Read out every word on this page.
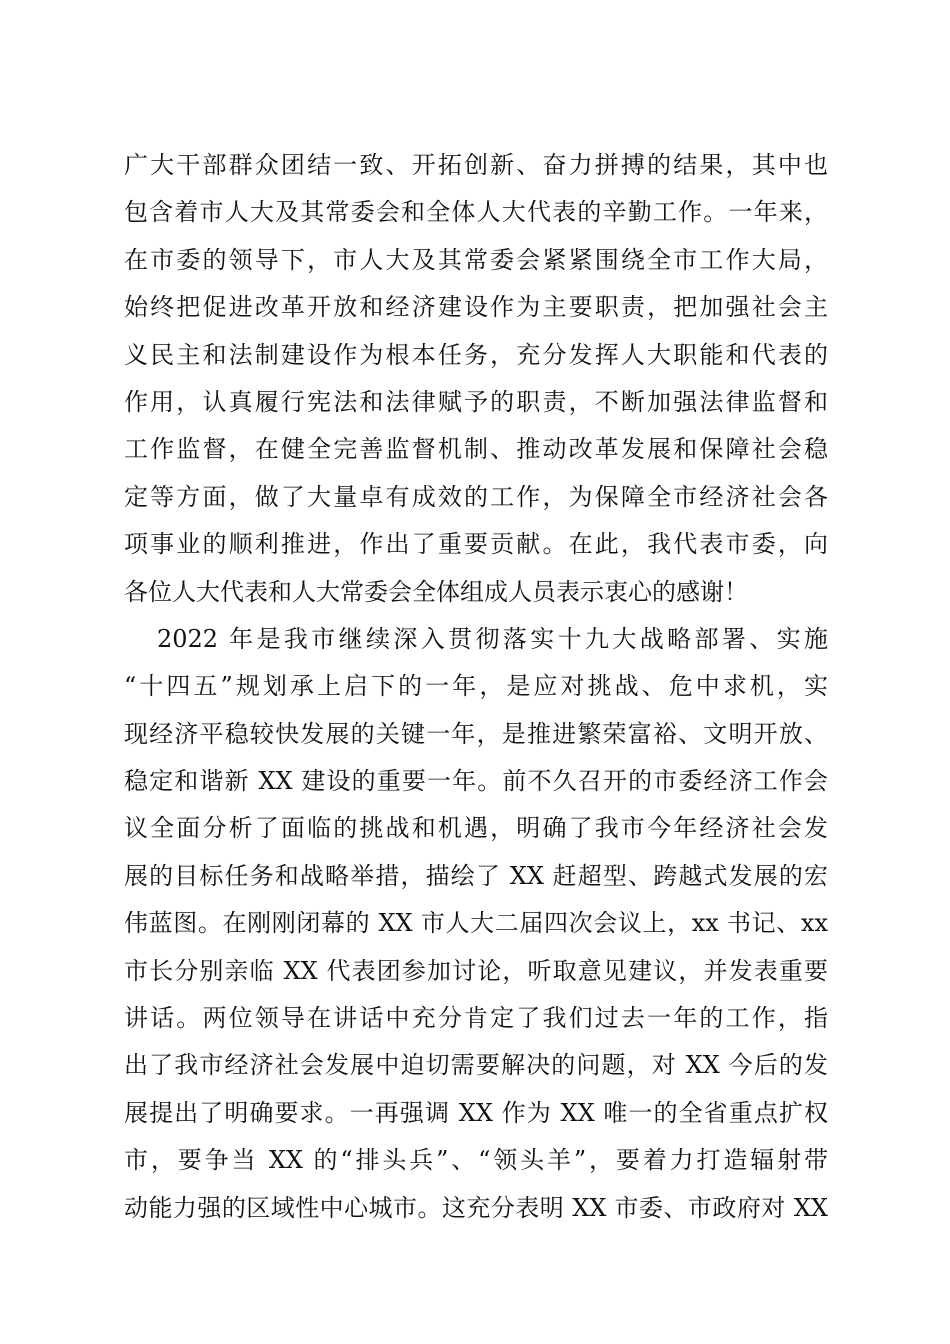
广大干部群众团结一致、开拓创新、奋力拼搏的结果，其中也
包含着市人大及其常委会和全体人大代表的辛勤工作。一年来，
在市委的领导下，市人大及其常委会紧紧围绕全市工作大局，
始终把促进改革开放和经济建设作为主要职责，把加强社会主
义民主和法制建设作为根本任务，充分发挥人大职能和代表的
作用，认真履行宪法和法律赋予的职责，不断加强法律监督和
工作监督，在健全完善监督机制、推动改革发展和保障社会稳
定等方面，做了大量卓有成效的工作，为保障全市经济社会各
项事业的顺利推进，作出了重要贡献。在此，我代表市委，向
各位人大代表和人大常委会全体组成人员表示衷心的感谢！
2022 年是我市继续深入贯彻落实十九大战略部署、实施
“十四五”规划承上启下的一年，是应对挑战、危中求机，实
现经济平稳较快发展的关键一年，是推进繁荣富裕、文明开放、
稳定和谐新 XX 建设的重要一年。前不久召开的市委经济工作会
议全面分析了面临的挑战和机遇，明确了我市今年经济社会发
展的目标任务和战略举措，描绘了 XX 赶超型、跨越式发展的宏
伟蓝图。在刚刚闭幕的 XX 市人大二届四次会议上，xx 书记、xx
市长分别亲临 XX 代表团参加讨论，听取意见建议，并发表重要
讲话。两位领导在讲话中充分肯定了我们过去一年的工作，指
出了我市经济社会发展中迫切需要解决的问题，对 XX 今后的发
展提出了明确要求。一再强调 XX 作为 XX 唯一的全省重点扩权
市，要争当 XX 的“排头兵”、“领头羊”，要着力打造辐射带
动能力强的区域性中心城市。这充分表明 XX 市委、市政府对 XX
